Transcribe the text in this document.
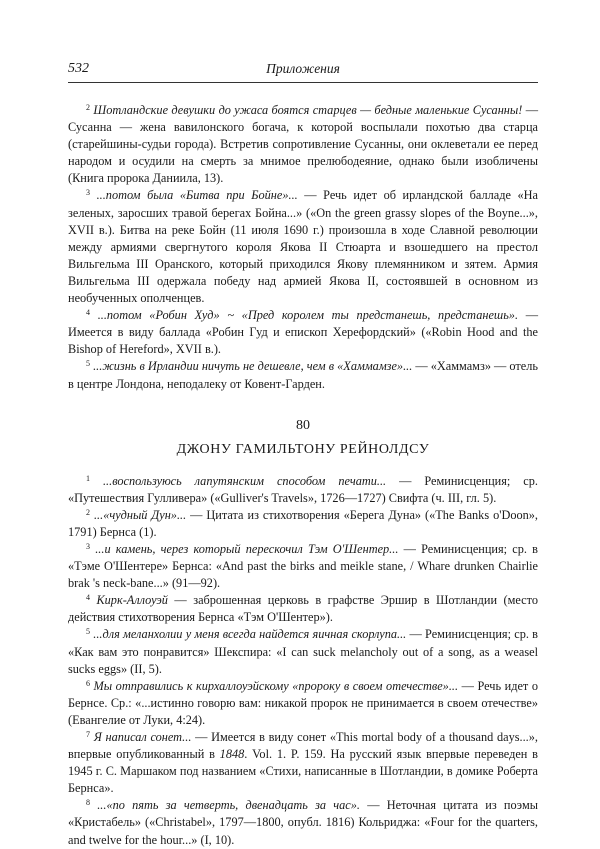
532	Приложения

$^2$ Шотландские девушки до ужаса боятся старцев — бедные маленькие Сусанны! — Сусанна — жена вавилонского богача, к которой воспылали похотью два старца (старейшины-судьи города). Встретив сопротивление Сусанны, они оклеветали ее перед народом и осудили на смерть за мнимое прелюбодеяние, однако были изобличены (Книга пророка Даниила, 13).

$^3$ ...потом была «Битва при Бойне»... — Речь идет об ирландской балладе «На зеленых, заросших травой берегах Бойна...» («On the green grassy slopes of the Boyne...», XVII в.). Битва на реке Бойн (11 июля 1690 г.) произошла в ходе Славной революции между армиями свергнутого короля Якова II Стюарта и взошедшего на престол Вильгельма III Оранского, который приходился Якову племянником и зятем. Армия Вильгельма III одержала победу над армией Якова II, состоявшей в основном из необученных ополченцев.

$^4$ ...потом «Робин Худ» ~ «Пред королем ты предстанешь, предстанешь». — Имеется в виду баллада «Робин Гуд и епископ Херефордский» («Robin Hood and the Bishop of Hereford», XVII в.).

$^5$ ...жизнь в Ирландии ничуть не дешевле, чем в «Хаммамзе»... — «Хаммамз» — отель в центре Лондона, неподалеку от Ковент-Гарден.

80
ДЖОНУ ГАМИЛЬТОНУ РЕЙНОЛДСУ

$^1$ ...воспользуюсь лапутянским способом печати... — Реминисценция; ср. «Путешествия Гулливера» («Gulliver's Travels», 1726—1727) Свифта (ч. III, гл. 5).

$^2$ ...«чудный Дун»... — Цитата из стихотворения «Берега Дуна» («The Banks o'Doon», 1791) Бернса (1).

$^3$ ...и камень, через который перескочил Тэм О'Шентер... — Реминисценция; ср. в «Тэме О'Шентере» Бернса: «And past the birks and meikle stane, / Whare drunken Chairlie brak 's neck-bane...» (91—92).

$^4$ Кирк-Аллоуэй — заброшенная церковь в графстве Эршир в Шотландии (место действия стихотворения Бернса «Тэм О'Шентер»).

$^5$ ...для меланхолии у меня всегда найдется яичная скорлупа... — Реминисценция; ср. в «Как вам это понравится» Шекспира: «I can suck melancholy out of a song, as a weasel sucks eggs» (II, 5).

$^6$ Мы отправились к кирхаллоуэйскому «пророку в своем отечестве»... — Речь идет о Бернсе. Ср.: «...истинно говорю вам: никакой пророк не принимается в своем отечестве» (Евангелие от Луки, 4:24).

$^7$ Я написал сонет... — Имеется в виду сонет «This mortal body of a thousand days...», впервые опубликованный в 1848. Vol. 1. P. 159. На русский язык впервые переведен в 1945 г. С. Маршаком под названием «Стихи, написанные в Шотландии, в домике Роберта Бернса».

$^8$ ...«по пять за четверть, двенадцать за час». — Неточная цитата из поэмы «Кристабель» («Christabel», 1797—1800, опубл. 1816) Кольриджа: «Four for the quarters, and twelve for the hour...» (I, 10).
